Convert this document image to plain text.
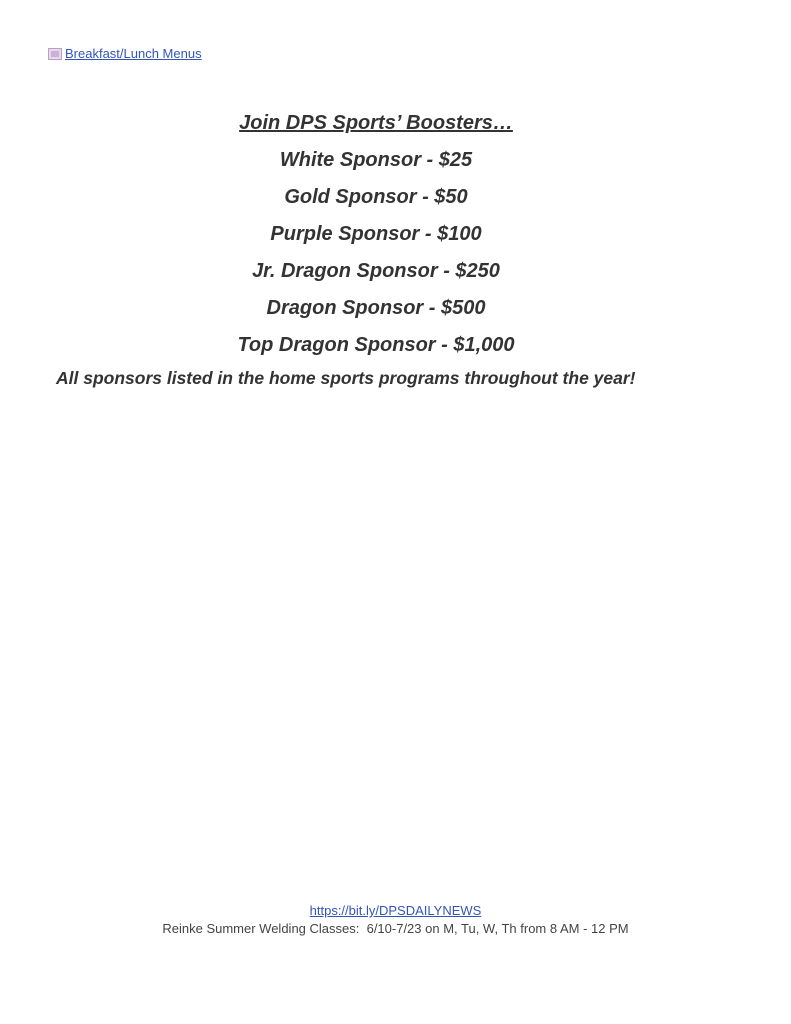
Breakfast/Lunch Menus
Join DPS Sports’ Boosters…
White Sponsor - $25
Gold Sponsor - $50
Purple Sponsor - $100
Jr. Dragon Sponsor - $250
Dragon Sponsor - $500
Top Dragon Sponsor - $1,000
All sponsors listed in the home sports programs throughout the year!
https://bit.ly/DPSDAILYNEWS
Reinke Summer Welding Classes:  6/10-7/23 on M, Tu, W, Th from 8 AM - 12 PM
